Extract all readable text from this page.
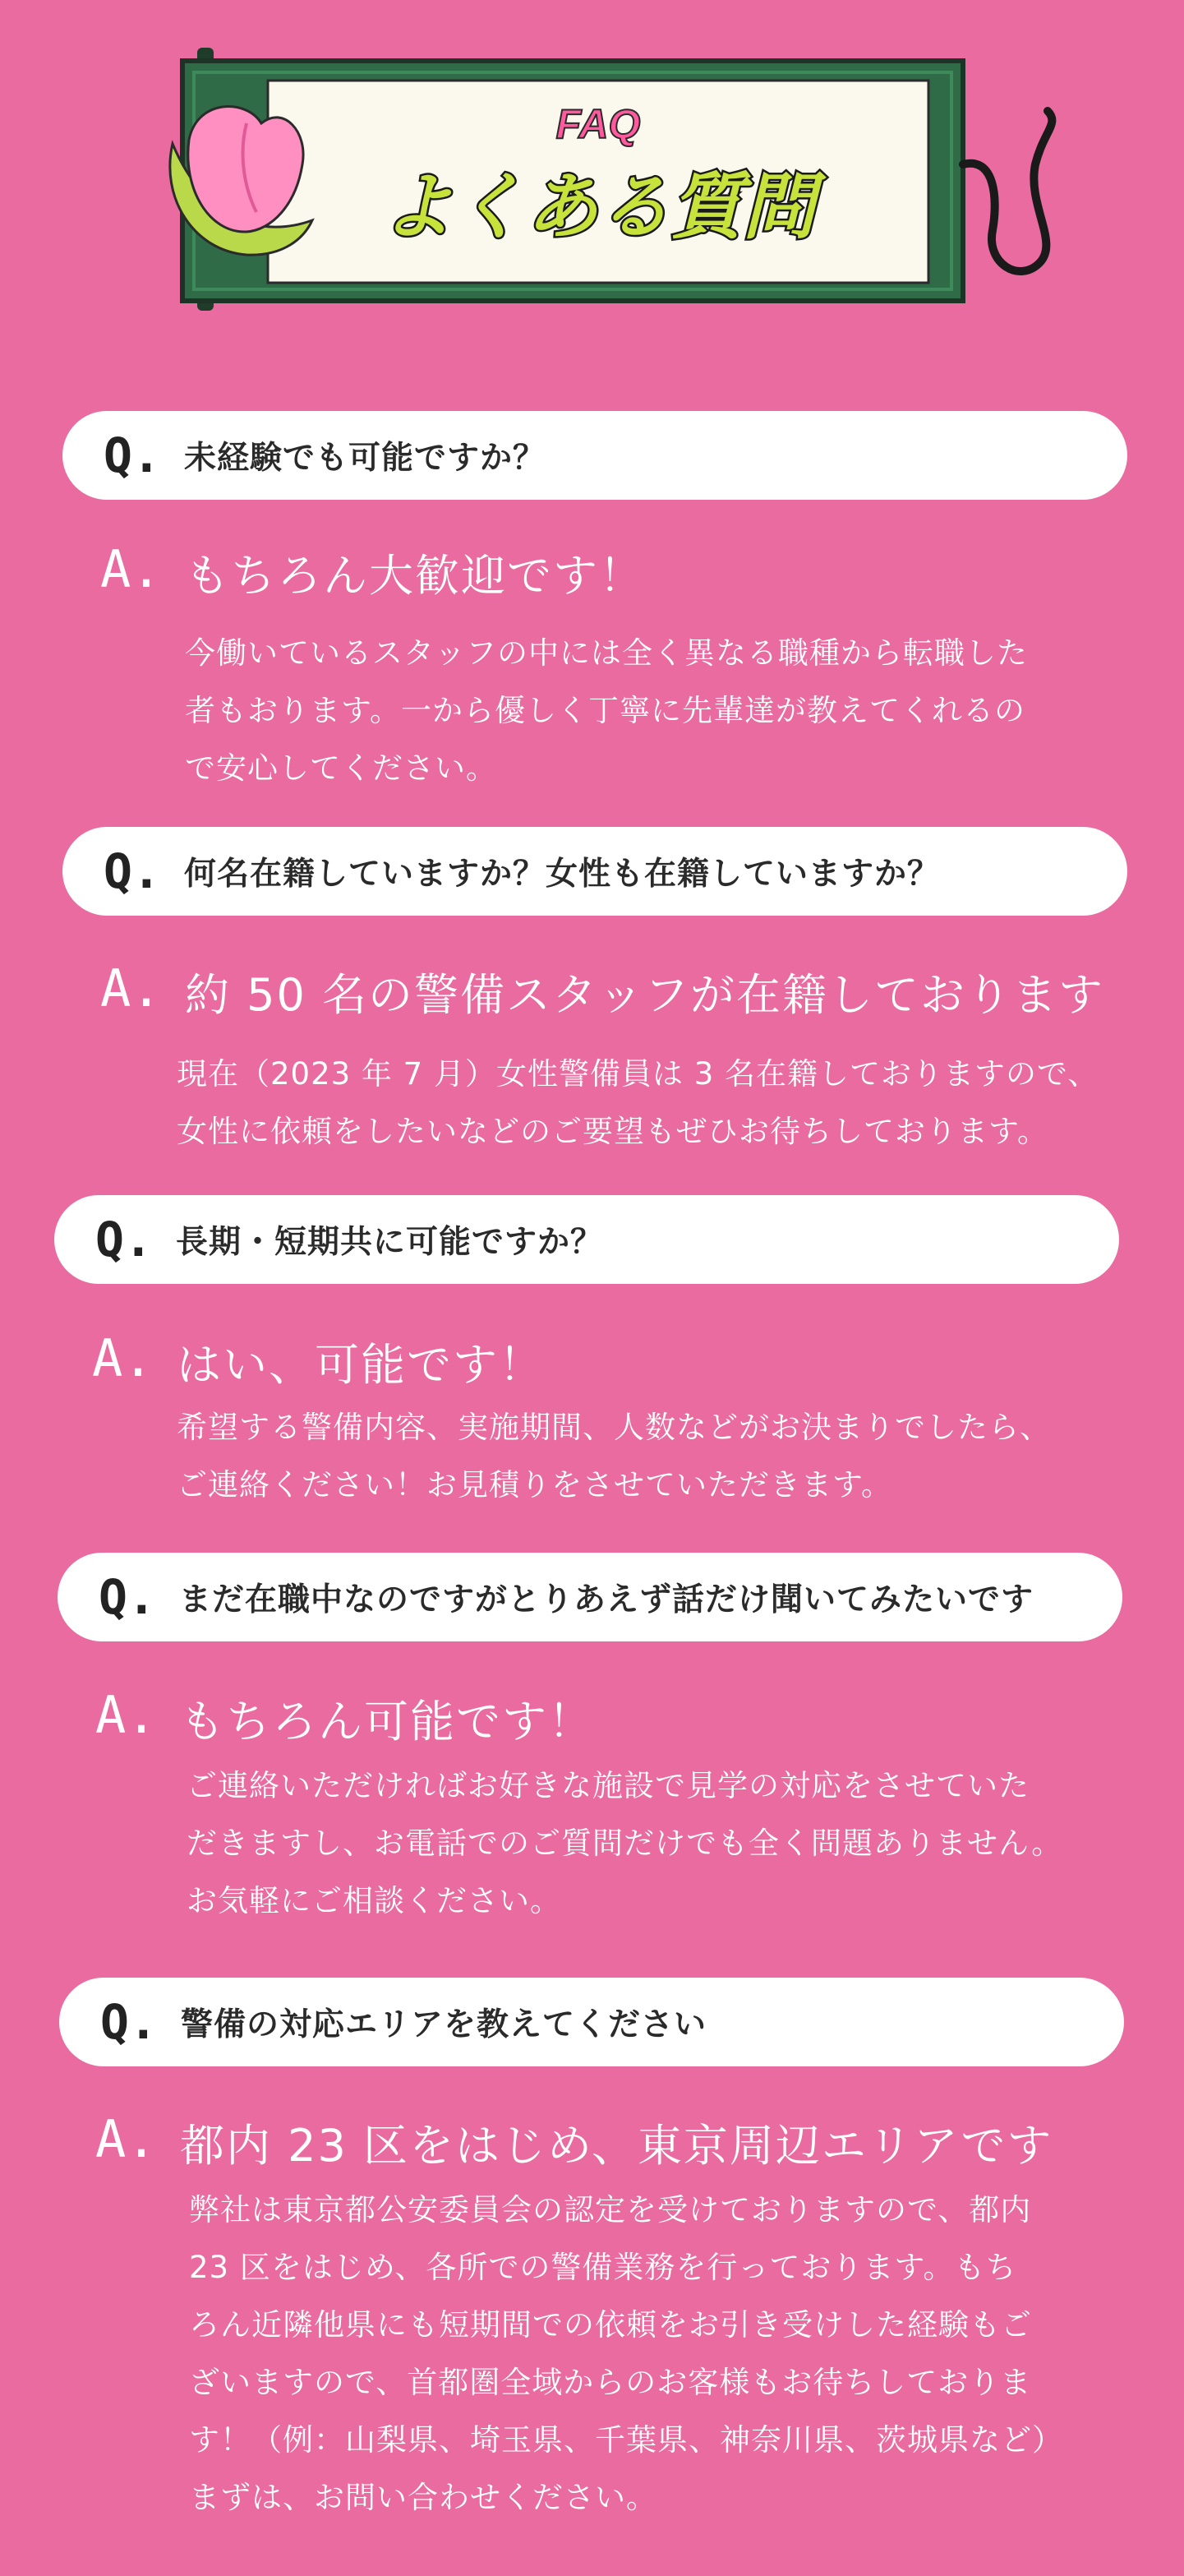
FAQ
よくある質問
Q. 未経験でも可能ですか？
A. もちろん大歓迎です！
今働いているスタッフの中には全く異なる職種から転職した
者もおります。一から優しく丁寧に先輩達が教えてくれるの
で安心してください。
Q. 何名在籍していますか？女性も在籍していますか？
A. 約 50 名の警備スタッフが在籍しております
現在（2023 年 7 月）女性警備員は 3 名在籍しておりますので、
女性に依頼をしたいなどのご要望もぜひお待ちしております。
Q. 長期・短期共に可能ですか？
A. はい、可能です！
希望する警備内容、実施期間、人数などがお決まりでしたら、
ご連絡ください！お見積りをさせていただきます。
Q. まだ在職中なのですがとりあえず話だけ聞いてみたいです
A. もちろん可能です！
ご連絡いただければお好きな施設で見学の対応をさせていた
だきますし、お電話でのご質問だけでも全く問題ありません。
お気軽にご相談ください。
Q. 警備の対応エリアを教えてください
A. 都内 23 区をはじめ、東京周辺エリアです
弊社は東京都公安委員会の認定を受けておりますので、都内
23 区をはじめ、各所での警備業務を行っております。もち
ろん近隣他県にも短期間での依頼をお引き受けした経験もご
ざいますので、首都圏全域からのお客様もお待ちしておりま
す！（例：山梨県、埼玉県、千葉県、神奈川県、茨城県など）
まずは、お問い合わせください。
